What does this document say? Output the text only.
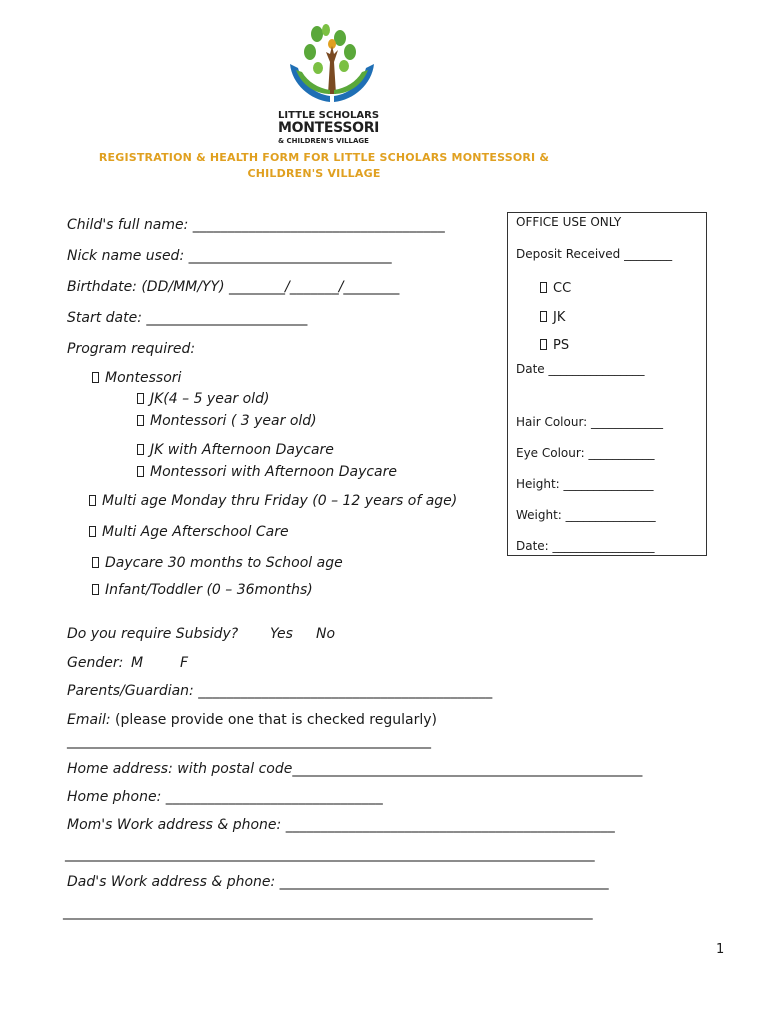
LITTLE SCHOLARS
MONTESSORI
& CHILDREN'S VILLAGE
REGISTRATION & HEALTH FORM FOR LITTLE SCHOLARS MONTESSORI &
CHILDREN'S VILLAGE
Child's full name: ____________________________________
Nick name used: _____________________________
Birthdate: (DD/MM/YY) ________/_______/________
Start date: _______________________
Program required:
Montessori
JK(4 – 5 year old)
Montessori ( 3 year old)
JK with Afternoon Daycare
Montessori with Afternoon Daycare
Multi age Monday thru Friday (0 – 12 years of age)
Multi Age Afterschool Care
Daycare 30 months to School age
Infant/Toddler (0 – 36months)
Do you require Subsidy? Yes No
Gender: M	F
Parents/Guardian: __________________________________________
Email: (please provide one that is checked regularly)
____________________________________________________
Home address: with postal code__________________________________________________
Home phone: _______________________________
Mom's Work address & phone: _______________________________________________
_______________________________________________________________________________
Dad's Work address & phone: _______________________________________________
_______________________________________________________________________________
OFFICE USE ONLY
Deposit Received ________
CC
JK
PS
Date ________________
Hair Colour: ____________
Eye Colour: ___________
Height: _______________
Weight: _______________
Date: _________________
1
